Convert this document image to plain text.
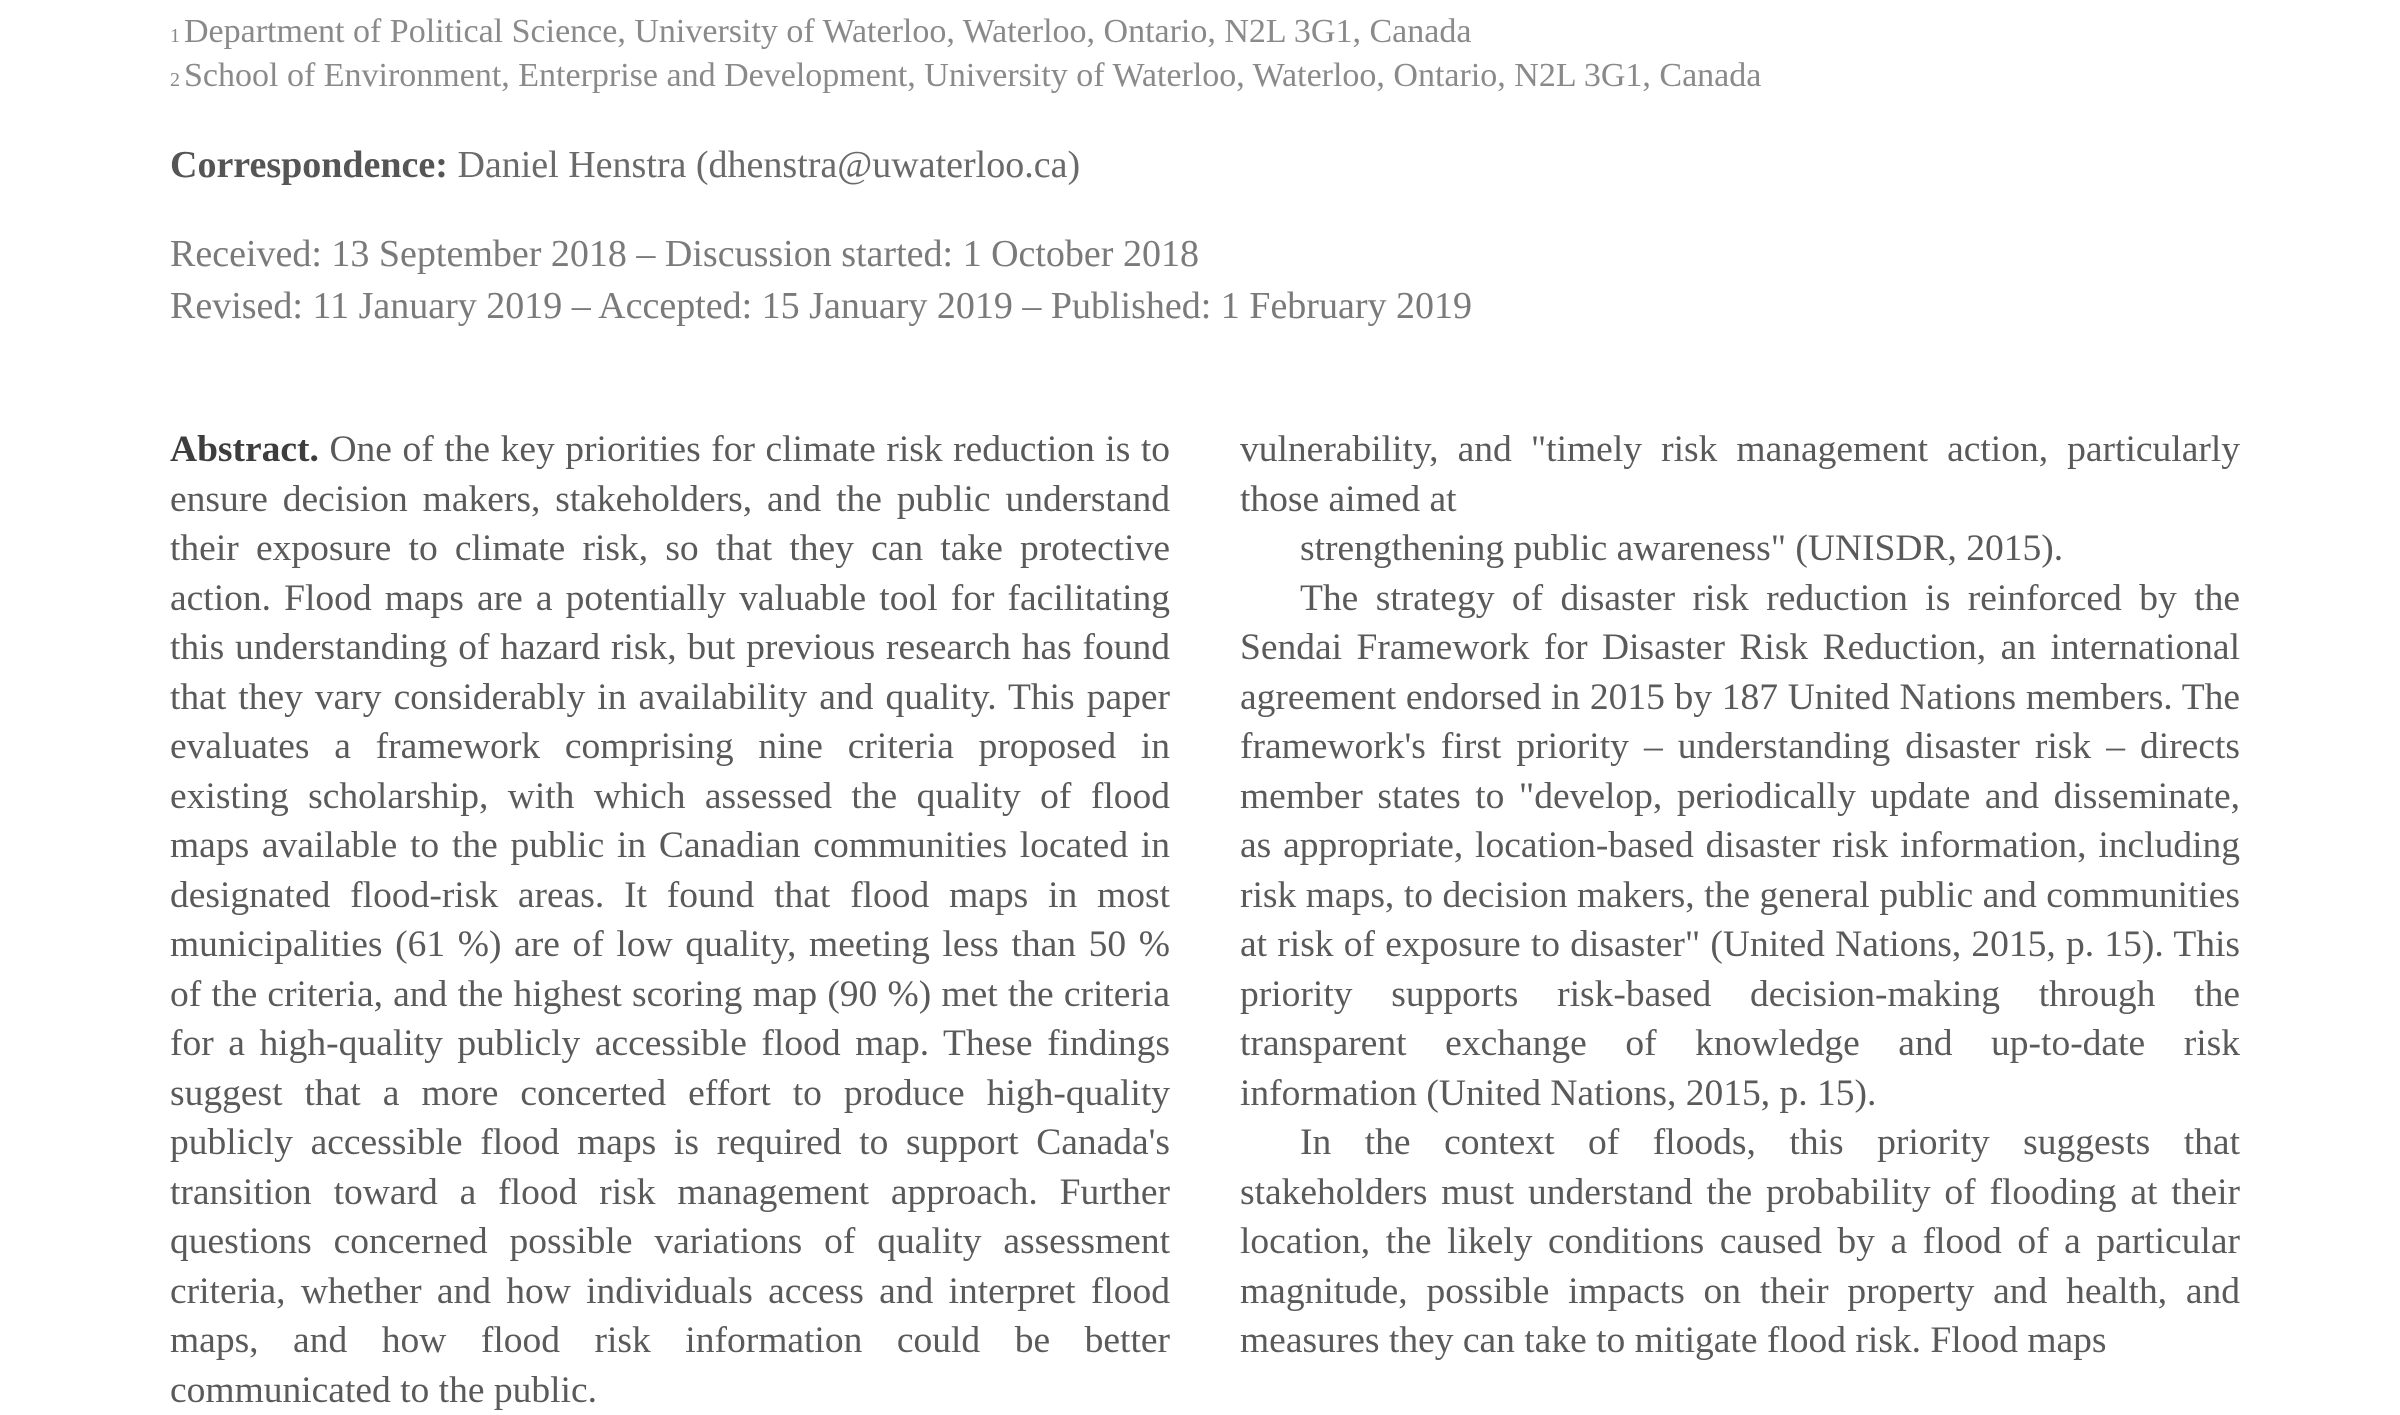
$^1$ Department of Political Science, University of Waterloo, Waterloo, Ontario, N2L 3G1, Canada
$^2$ School of Environment, Enterprise and Development, University of Waterloo, Waterloo, Ontario, N2L 3G1, Canada
Correspondence: Daniel Henstra (dhenstra@uwaterloo.ca)
Received: 13 September 2018 – Discussion started: 1 October 2018
Revised: 11 January 2019 – Accepted: 15 January 2019 – Published: 1 February 2019

Abstract. One of the key priorities for climate risk reduction is to ensure decision makers, stakeholders, and the public understand their exposure to climate risk, so that they can take protective action. Flood maps are a potentially valuable tool for facilitating this understanding of hazard risk, but previous research has found that they vary considerably in availability and quality. This paper evaluates a framework comprising nine criteria proposed in existing scholarship, with which assessed the quality of flood maps available to the public in Canadian communities located in designated flood-risk areas. It found that flood maps in most municipalities (61 %) are of low quality, meeting less than 50 % of the criteria, and the highest scoring map (90 %) met the criteria for a high-quality publicly accessible flood map. These findings suggest that a more concerted effort to produce high-quality publicly accessible flood maps is required to support Canada's transition toward a flood risk management approach. Further questions concerned possible variations of quality assessment criteria, whether and how individuals access and interpret flood maps, and how flood risk information could be better communicated to the public.

vulnerability, and "timely risk management action, particularly those aimed at

strengthening public awareness" (UNISDR, 2015).

The strategy of disaster risk reduction is reinforced by the Sendai Framework for Disaster Risk Reduction, an international agreement endorsed in 2015 by 187 United Nations members. The framework's first priority – understanding disaster risk – directs member states to "develop, periodically update and disseminate, as appropriate, location-based disaster risk information, including risk maps, to decision makers, the general public and communities at risk of exposure to disaster" (United Nations, 2015, p. 15). This priority supports risk-based decision-making through the transparent exchange of knowledge and up-to-date risk information (United Nations, 2015, p. 15).

In the context of floods, this priority suggests that stakeholders must understand the probability of flooding at their location, the likely conditions caused by a flood of a particular magnitude, possible impacts on their property and health, and measures they can take to mitigate flood risk. Flood maps
